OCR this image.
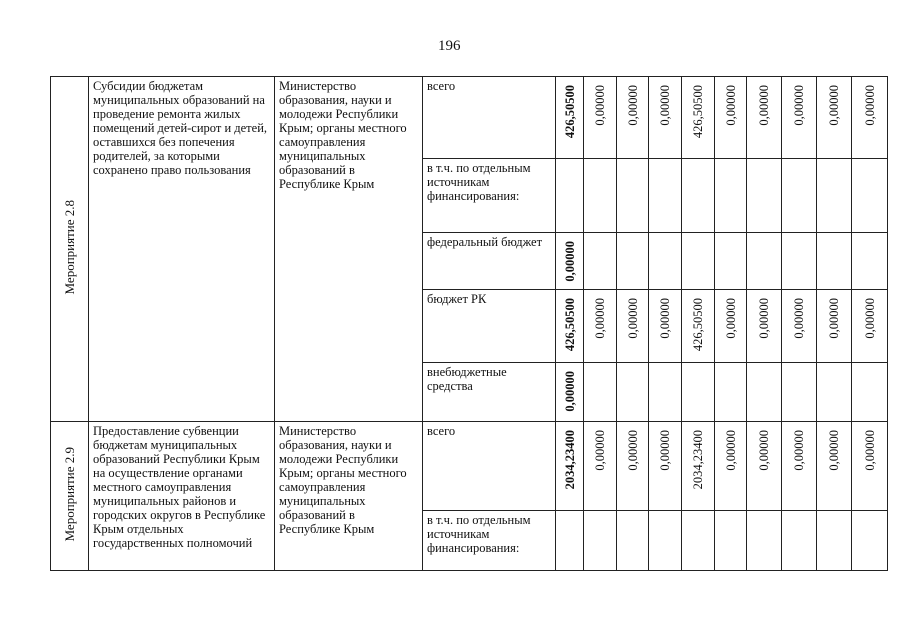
196
Мероприятие 2.8	Субсидии бюджетам муниципальных образований на проведение ремонта жилых помещений детей-сирот и детей, оставшихся без попечения родителей, за которыми сохранено право пользования	Министерство образования, науки и молодежи Республики Крым; органы местного самоуправления муниципальных образований в Республике Крым	всего	426,50500	0,00000	0,00000	0,00000	426,50500	0,00000	0,00000	0,00000	0,00000	0,00000
			в т.ч. по отдельным источникам финансирования:										
			федеральный бюджет	0,00000									
			бюджет РК	426,50500	0,00000	0,00000	0,00000	426,50500	0,00000	0,00000	0,00000	0,00000	0,00000
			внебюджетные средства	0,00000									
Мероприятие 2.9	Предоставление субвенции бюджетам муниципальных образований Республики Крым на осуществление органами местного самоуправления муниципальных районов и городских округов в Республике Крым отдельных государственных полномочий	Министерство образования, науки и молодежи Республики Крым; органы местного самоуправления муниципальных образований в Республике Крым	всего	2034,23400	0,00000	0,00000	0,00000	2034,23400	0,00000	0,00000	0,00000	0,00000	0,00000
			в т.ч. по отдельным источникам финансирования:										
